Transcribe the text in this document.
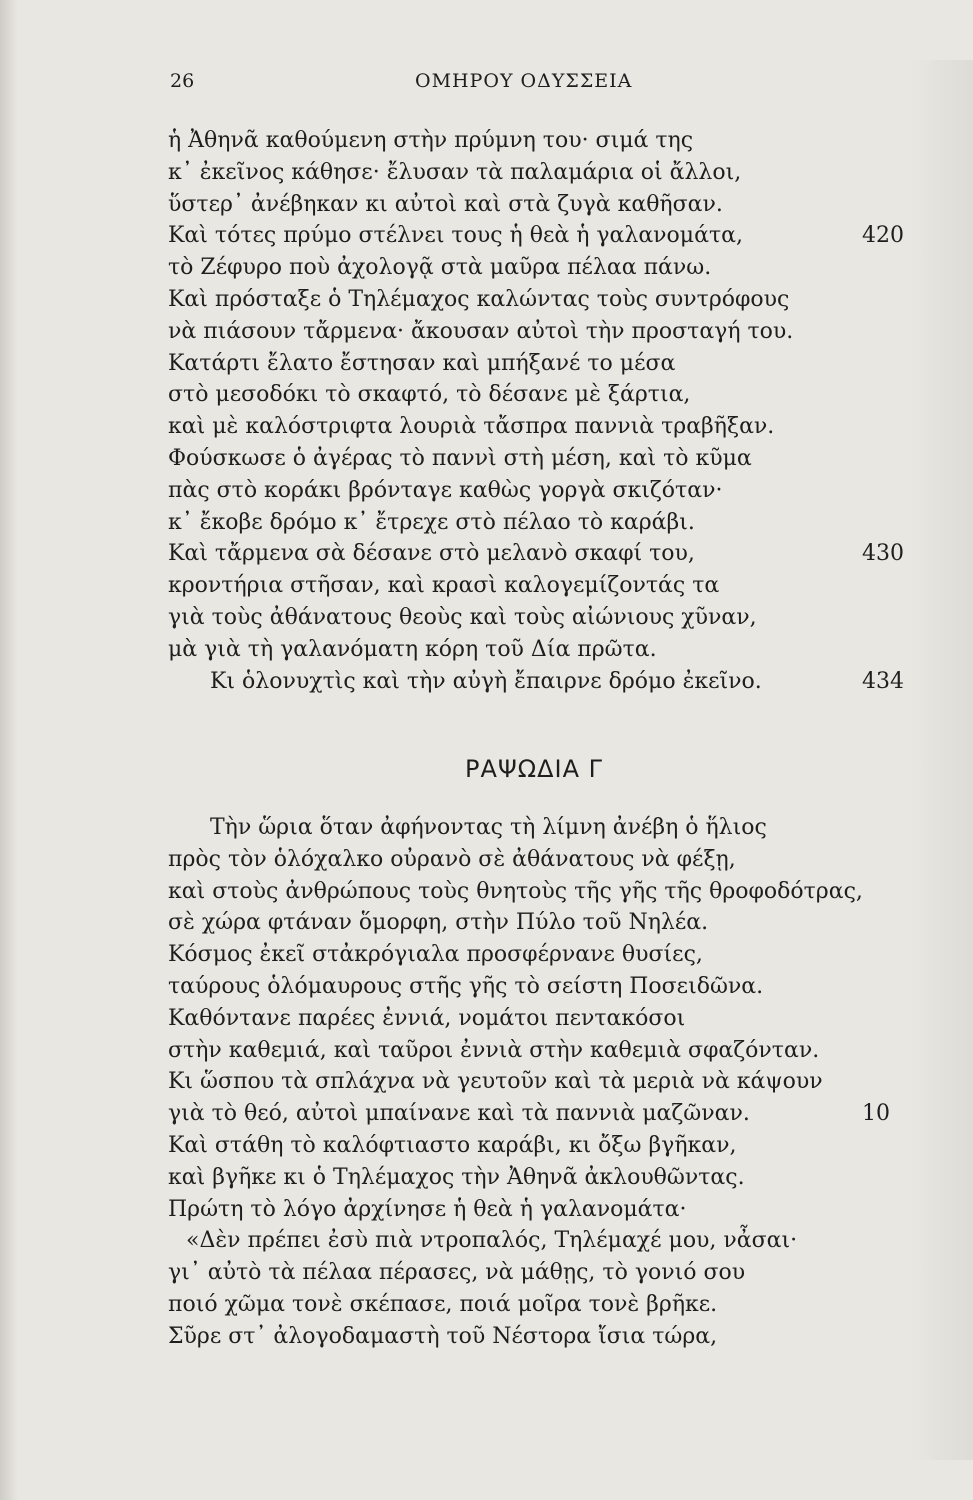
26	ΟΜΗΡΟΥ ΟΔΥΣΣΕΙΑ
ἡ Ἀθηνᾶ καθούμενη στὴν πρύμνη του· σιμά της
κ᾽ ἐκεῖνος κάθησε· ἔλυσαν τὰ παλαμάρια οἱ ἄλλοι,
ὕστερ᾽ ἀνέβηκαν κι αὐτοὶ καὶ στὰ ζυγὰ καθῆσαν.
Καὶ τότες πρύμο στέλνει τους ἡ θεὰ ἡ γαλανομάτα,	420
τὸ Ζέφυρο ποὺ ἀχολογᾷ στὰ μαῦρα πέλαα πάνω.
Καὶ πρόσταξε ὁ Τηλέμαχος καλώντας τοὺς συντρόφους
νὰ πιάσουν τἄρμενα· ἄκουσαν αὐτοὶ τὴν προσταγή του.
Κατάρτι ἔλατο ἔστησαν καὶ μπήξανέ το μέσα
στὸ μεσοδόκι τὸ σκαφτό, τὸ δέσανε μὲ ξάρτια,
καὶ μὲ καλόστριφτα λουριὰ τἄσπρα παννιὰ τραβῆξαν.
Φούσκωσε ὁ ἀγέρας τὸ παννὶ στὴ μέση, καὶ τὸ κῦμα
πὰς στὸ κοράκι βρόνταγε καθὼς γοργὰ σκιζόταν·
κ᾽ ἔκοβε δρόμο κ᾽ ἔτρεχε στὸ πέλαο τὸ καράβι.
Καὶ τἄρμενα σὰ δέσανε στὸ μελανὸ σκαφί του,	430
κροντήρια στῆσαν, καὶ κρασὶ καλογεμίζοντάς τα
γιὰ τοὺς ἀθάνατους θεοὺς καὶ τοὺς αἰώνιους χῦναν,
μὰ γιὰ τὴ γαλανόματη κόρη τοῦ Δία πρῶτα.
Κι ὁλονυχτὶς καὶ τὴν αὐγὴ ἔπαιρνε δρόμο ἐκεῖνο.	434
ΡΑΨΩΔΙΑ Γ
Τὴν ὥρια ὅταν ἀφήνοντας τὴ λίμνη ἀνέβη ὁ ἥλιος
πρὸς τὸν ὁλόχαλκο οὐρανὸ σὲ ἀθάνατους νὰ φέξῃ,
καὶ στοὺς ἀνθρώπους τοὺς θνητοὺς τῆς γῆς τῆς θροφοδότρας,
σὲ χώρα φτάναν ὅμορφη, στὴν Πύλο τοῦ Νηλέα.
Κόσμος ἐκεῖ στἀκρόγιαλα προσφέρνανε θυσίες,
ταύρους ὁλόμαυρους στῆς γῆς τὸ σείστη Ποσειδῶνα.
Καθόντανε παρέες ἐννιά, νομάτοι πεντακόσοι
στὴν καθεμιά, καὶ ταῦροι ἐννιὰ στὴν καθεμιὰ σφαζόνταν.
Κι ὥσπου τὰ σπλάχνα νὰ γευτοῦν καὶ τὰ μεριὰ νὰ κάψουν
γιὰ τὸ θεό, αὐτοὶ μπαίνανε καὶ τὰ παννιὰ μαζῶναν.	10
Καὶ στάθη τὸ καλόφτιαστο καράβι, κι ὄξω βγῆκαν,
καὶ βγῆκε κι ὁ Τηλέμαχος τὴν Ἀθηνᾶ ἀκλουθῶντας.
Πρώτη τὸ λόγο ἀρχίνησε ἡ θεὰ ἡ γαλανομάτα·
«Δὲν πρέπει ἐσὺ πιὰ ντροπαλός, Τηλέμαχέ μου, νἆσαι·
γι᾽ αὐτὸ τὰ πέλαα πέρασες, νὰ μάθῃς, τὸ γονιό σου
ποιό χῶμα τονὲ σκέπασε, ποιά μοῖρα τονὲ βρῆκε.
Σῦρε στ᾽ ἀλογοδαμαστὴ τοῦ Νέστορα ἴσια τώρα,
